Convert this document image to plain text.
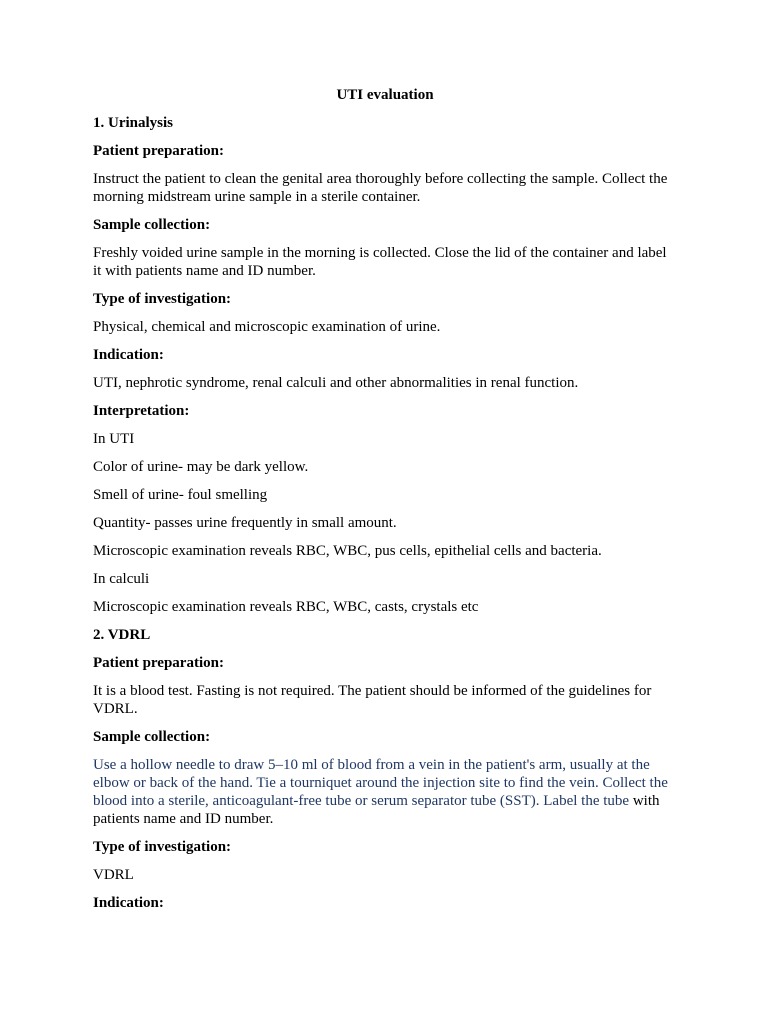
UTI evaluation

1. Urinalysis

Patient preparation:

Instruct the patient to clean the genital area thoroughly before collecting the sample. Collect the morning midstream urine sample in a sterile container.

Sample collection:

Freshly voided urine sample in the morning is collected. Close the lid of the container and label it with patients name and ID number.

Type of investigation:

Physical, chemical and microscopic examination of urine.

Indication:

UTI, nephrotic syndrome, renal calculi and other abnormalities in renal function.

Interpretation:

In UTI

Color of urine- may be dark yellow.

Smell of urine- foul smelling

Quantity- passes urine frequently in small amount.

Microscopic examination reveals RBC, WBC, pus cells, epithelial cells and bacteria.

In calculi

Microscopic examination reveals RBC, WBC, casts, crystals etc

2. VDRL

Patient preparation:

It is a blood test. Fasting is not required. The patient should be informed of the guidelines for VDRL.

Sample collection:

Use a hollow needle to draw 5–10 ml of blood from a vein in the patient's arm, usually at the elbow or back of the hand. Tie a tourniquet around the injection site to find the vein. Collect the blood into a sterile, anticoagulant-free tube or serum separator tube (SST). Label the tube with patients name and ID number.

Type of investigation:

VDRL

Indication:
